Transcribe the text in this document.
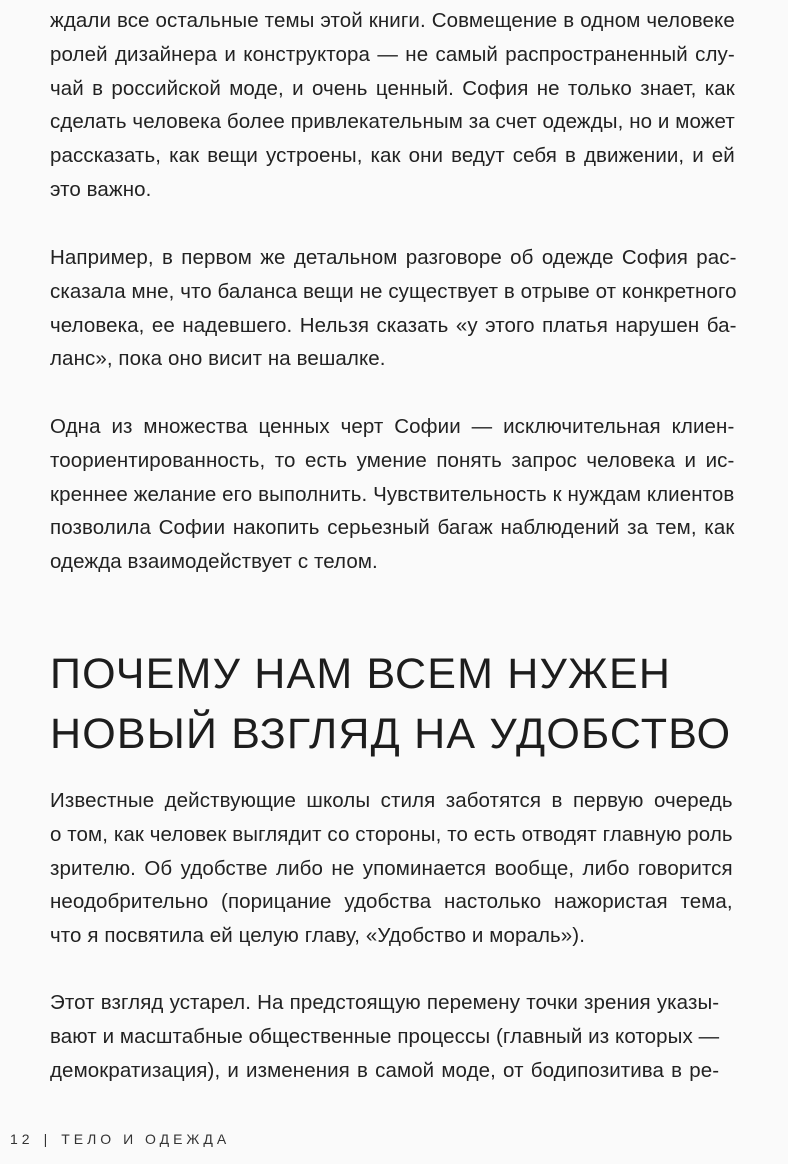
ждали все остальные темы этой книги. Совмещение в одном человеке
ролей дизайнера и конструктора — не самый распространенный слу-
чай в российской моде, и очень ценный. София не только знает, как
сделать человека более привлекательным за счет одежды, но и может
рассказать, как вещи устроены, как они ведут себя в движении, и ей
это важно.
Например, в первом же детальном разговоре об одежде София рас-
сказала мне, что баланса вещи не существует в отрыве от конкретного
человека, ее надевшего. Нельзя сказать «у этого платья нарушен ба-
ланс», пока оно висит на вешалке.
Одна из множества ценных черт Софии — исключительная клиен-
тоориентированность, то есть умение понять запрос человека и ис-
креннее желание его выполнить. Чувствительность к нуждам клиентов
позволила Софии накопить серьезный багаж наблюдений за тем, как
одежда взаимодействует с телом.
ПОЧЕМУ НАМ ВСЕМ НУЖЕН
НОВЫЙ ВЗГЛЯД НА УДОБСТВО
Известные действующие школы стиля заботятся в первую очередь
о том, как человек выглядит со стороны, то есть отводят главную роль
зрителю. Об удобстве либо не упоминается вообще, либо говорится
неодобрительно (порицание удобства настолько нажористая тема,
что я посвятила ей целую главу, «Удобство и мораль»).
Этот взгляд устарел. На предстоящую перемену точки зрения указы-
вают и масштабные общественные процессы (главный из которых —
демократизация), и изменения в самой моде, от бодипозитива в ре-
12 | ТЕЛО И ОДЕЖДА
